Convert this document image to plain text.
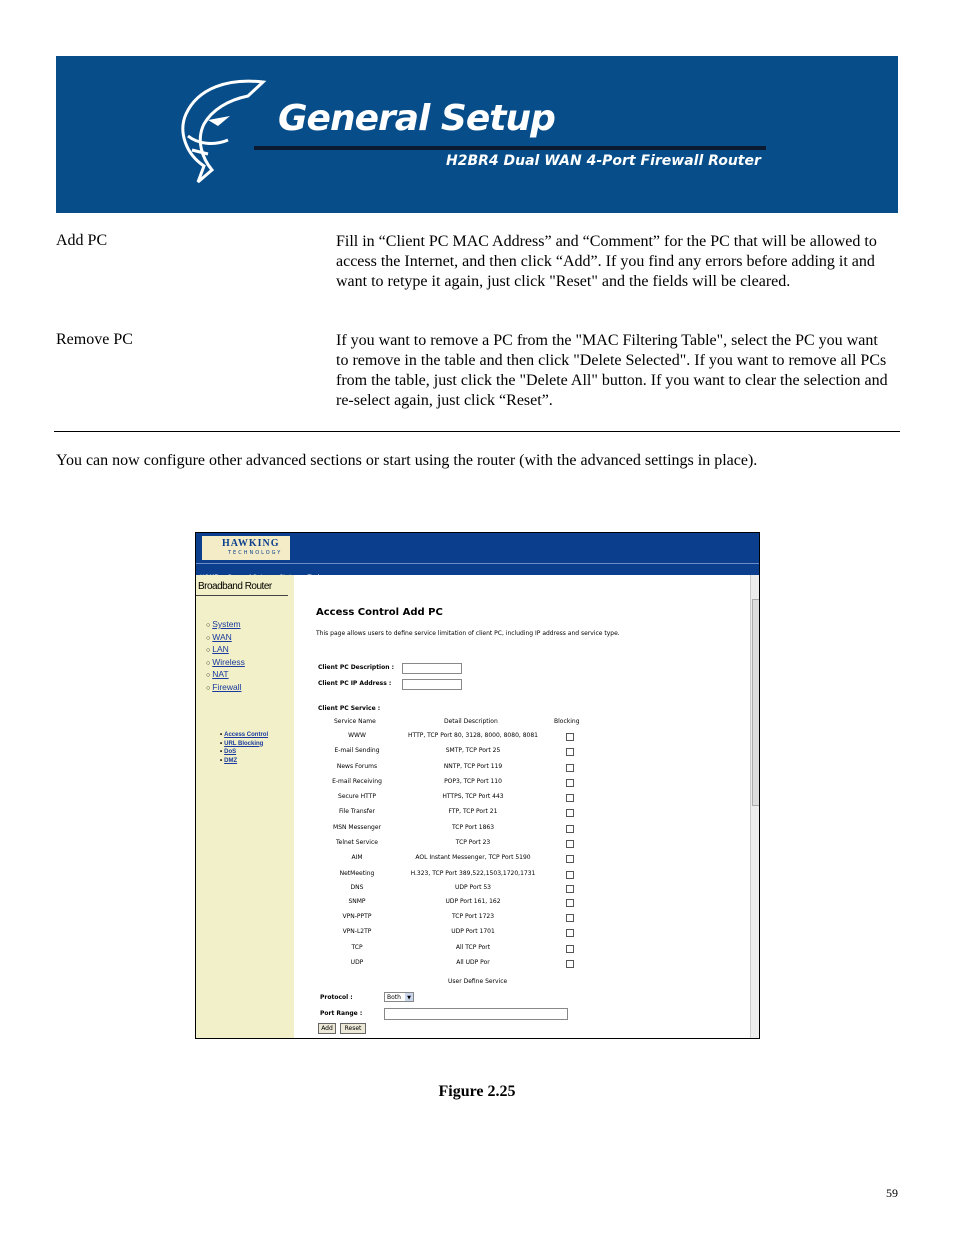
General Setup
H2BR4 Dual WAN 4-Port Firewall Router
Add PC	Fill in “Client PC MAC Address” and “Comment” for the PC that will be allowed to access the Internet, and then click “Add”. If you find any errors before adding it and want to retype it again, just click "Reset" and the fields will be cleared.
Remove PC	If you want to remove a PC from the "MAC Filtering Table", select the PC you want to remove in the table and then click "Delete Selected". If you want to remove all PCs from the table, just click the "Delete All" button. If you want to clear the selection and re-select again, just click “Reset”.
You can now configure other advanced sections or start using the router (with the advanced settings in place).
HAWKING
TECHNOLOGY
Broadband Router
○ System
○ WAN
○ LAN
○ Wireless
○ NAT
○ Firewall
• Access Control
• URL Blocking
• DoS
• DMZ
Access Control Add PC
This page allows users to define service limitation of client PC, including IP address and service type.
Client PC Description :
Client PC IP Address :
Client PC Service :
Service Name	Detail Description	Blocking
WWW	HTTP, TCP Port 80, 3128, 8000, 8080, 8081
E-mail Sending	SMTP, TCP Port 25
News Forums	NNTP, TCP Port 119
E-mail Receiving	POP3, TCP Port 110
Secure HTTP	HTTPS, TCP Port 443
File Transfer	FTP, TCP Port 21
MSN Messenger	TCP Port 1863
Telnet Service	TCP Port 23
AIM	AOL Instant Messenger, TCP Port 5190
NetMeeting	H.323, TCP Port 389,522,1503,1720,1731
DNS	UDP Port 53
SNMP	UDP Port 161, 162
VPN-PPTP	TCP Port 1723
VPN-L2TP	UDP Port 1701
TCP	All TCP Port
UDP	All UDP Por
User Define Service
Protocol :	Both	▼
Port Range :
Add	Reset
Figure 2.25
59
